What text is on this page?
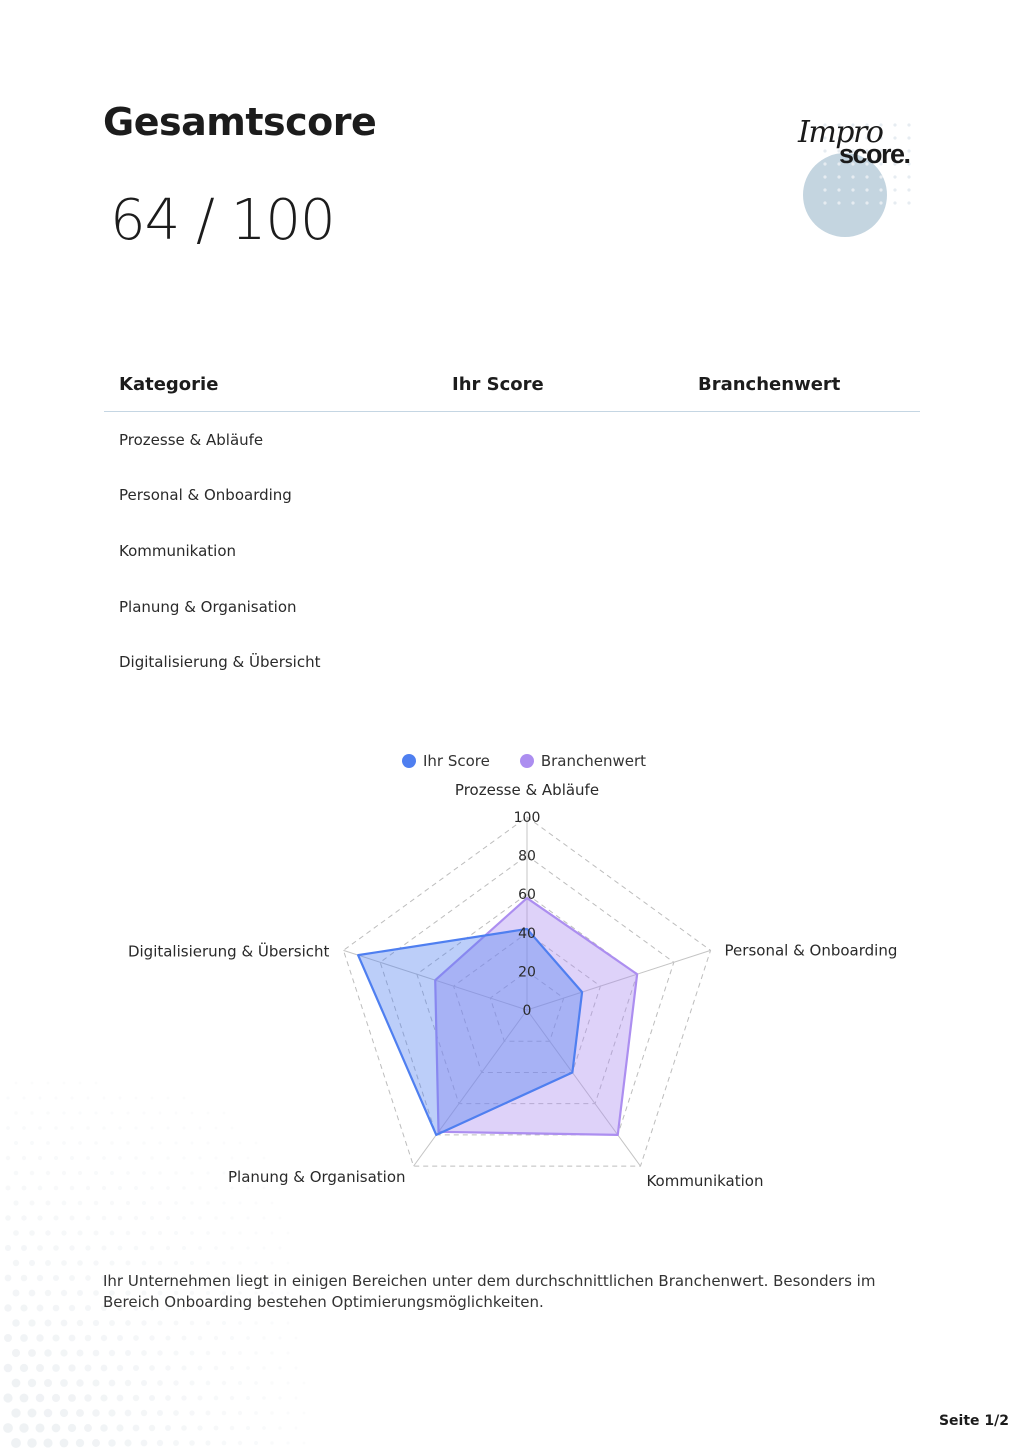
Gesamtscore
64 / 100
Impro
score.
Kategorie	Ihr Score	Branchenwert
Prozesse & Abläufe		
Personal & Onboarding		
Kommunikation		
Planung & Organisation		
Digitalisierung & Übersicht		
Ihr Score	Branchenwert
0
20
40
60
80
100
Prozesse & Abläufe
Personal & Onboarding
Kommunikation
Planung & Organisation
Digitalisierung & Übersicht

Ihr Unternehmen liegt in einigen Bereichen unter dem durchschnittlichen Branchenwert. Besonders im Bereich Onboarding bestehen Optimierungsmöglichkeiten.

Seite 1/2
